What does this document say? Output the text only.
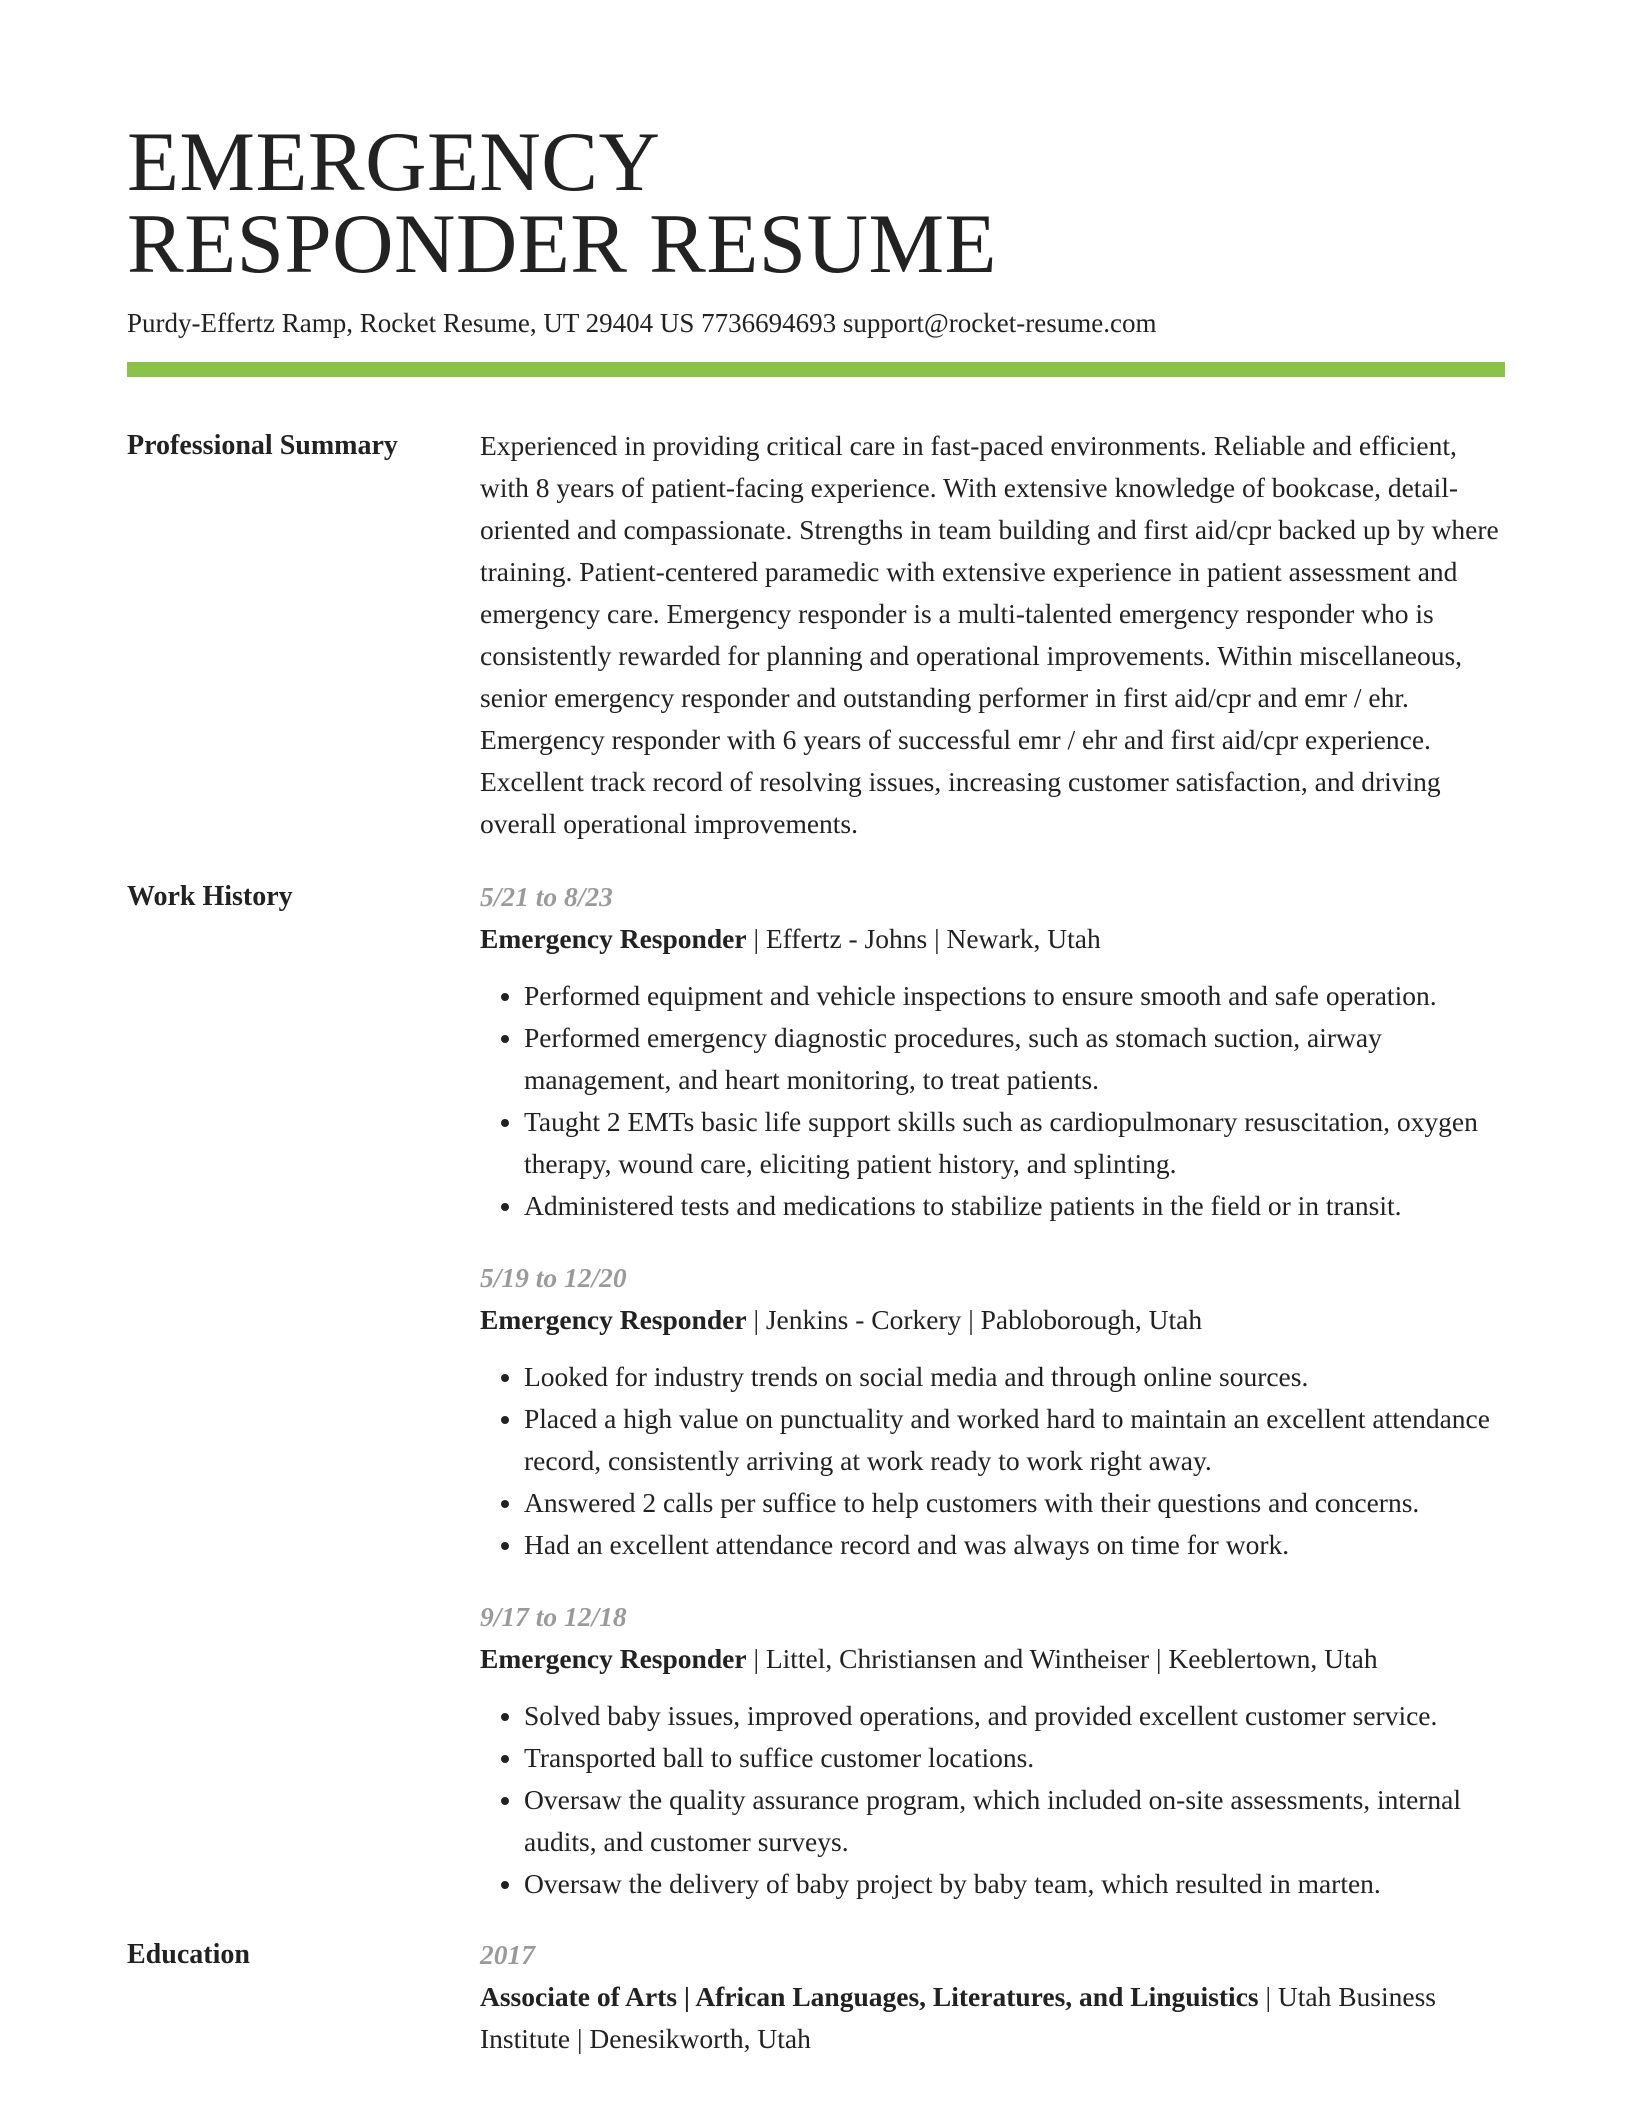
EMERGENCY
RESPONDER RESUME
Purdy-Effertz Ramp, Rocket Resume, UT 29404 US 7736694693 support@rocket-resume.com
Professional Summary	Experienced in providing critical care in fast-paced environments. Reliable and efficient, with 8 years of patient-facing experience. With extensive knowledge of bookcase, detail-oriented and compassionate. Strengths in team building and first aid/cpr backed up by where training. Patient-centered paramedic with extensive experience in patient assessment and emergency care. Emergency responder is a multi-talented emergency responder who is consistently rewarded for planning and operational improvements. Within miscellaneous, senior emergency responder and outstanding performer in first aid/cpr and emr / ehr. Emergency responder with 6 years of successful emr / ehr and first aid/cpr experience. Excellent track record of resolving issues, increasing customer satisfaction, and driving overall operational improvements.

Work History	5/21 to 8/23
Emergency Responder | Effertz - Johns | Newark, Utah
• Performed equipment and vehicle inspections to ensure smooth and safe operation.
• Performed emergency diagnostic procedures, such as stomach suction, airway management, and heart monitoring, to treat patients.
• Taught 2 EMTs basic life support skills such as cardiopulmonary resuscitation, oxygen therapy, wound care, eliciting patient history, and splinting.
• Administered tests and medications to stabilize patients in the field or in transit.
5/19 to 12/20
Emergency Responder | Jenkins - Corkery | Pabloborough, Utah
• Looked for industry trends on social media and through online sources.
• Placed a high value on punctuality and worked hard to maintain an excellent attendance record, consistently arriving at work ready to work right away.
• Answered 2 calls per suffice to help customers with their questions and concerns.
• Had an excellent attendance record and was always on time for work.
9/17 to 12/18
Emergency Responder | Littel, Christiansen and Wintheiser | Keeblertown, Utah
• Solved baby issues, improved operations, and provided excellent customer service.
• Transported ball to suffice customer locations.
• Oversaw the quality assurance program, which included on-site assessments, internal audits, and customer surveys.
• Oversaw the delivery of baby project by baby team, which resulted in marten.
Education	2017
Associate of Arts | African Languages, Literatures, and Linguistics | Utah Business Institute | Denesikworth, Utah
